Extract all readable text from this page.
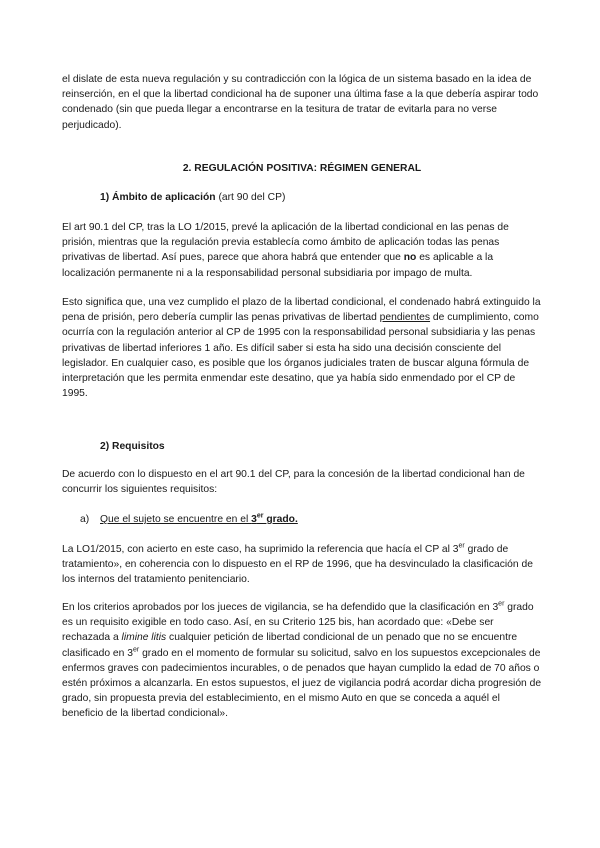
el dislate de esta nueva regulación y su contradicción con la lógica de un sistema basado en la idea de reinserción, en el que la libertad condicional ha de suponer una última fase a la que debería aspirar todo condenado (sin que pueda llegar a encontrarse en la tesitura de tratar de evitarla para no verse perjudicado).

2. REGULACIÓN POSITIVA: RÉGIMEN GENERAL

1) Ámbito de aplicación (art 90 del CP)

El art 90.1 del CP, tras la LO 1/2015, prevé la aplicación de la libertad condicional en las penas de prisión, mientras que la regulación previa establecía como ámbito de aplicación todas las penas privativas de libertad. Así pues, parece que ahora habrá que entender que no es aplicable a la localización permanente ni a la responsabilidad personal subsidiaria por impago de multa.

Esto significa que, una vez cumplido el plazo de la libertad condicional, el condenado habrá extinguido la pena de prisión, pero debería cumplir las penas privativas de libertad pendientes de cumplimiento, como ocurría con la regulación anterior al CP de 1995 con la responsabilidad personal subsidiaria y las penas privativas de libertad inferiores 1 año. Es difícil saber si esta ha sido una decisión consciente del legislador. En cualquier caso, es posible que los órganos judiciales traten de buscar alguna fórmula de interpretación que les permita enmendar este desatino, que ya había sido enmendado por el CP de 1995.

2) Requisitos

De acuerdo con lo dispuesto en el art 90.1 del CP, para la concesión de la libertad condicional han de concurrir los siguientes requisitos:

a) Que el sujeto se encuentre en el 3er grado.

La LO1/2015, con acierto en este caso, ha suprimido la referencia que hacía el CP al 3er grado de tratamiento», en coherencia con lo dispuesto en el RP de 1996, que ha desvinculado la clasificación de los internos del tratamiento penitenciario.

En los criterios aprobados por los jueces de vigilancia, se ha defendido que la clasificación en 3er grado es un requisito exigible en todo caso. Así, en su Criterio 125 bis, han acordado que: «Debe ser rechazada a limine litis cualquier petición de libertad condicional de un penado que no se encuentre clasificado en 3er grado en el momento de formular su solicitud, salvo en los supuestos excepcionales de enfermos graves con padecimientos incurables, o de penados que hayan cumplido la edad de 70 años o estén próximos a alcanzarla. En estos supuestos, el juez de vigilancia podrá acordar dicha progresión de grado, sin propuesta previa del establecimiento, en el mismo Auto en que se conceda a aquél el beneficio de la libertad condicional».
